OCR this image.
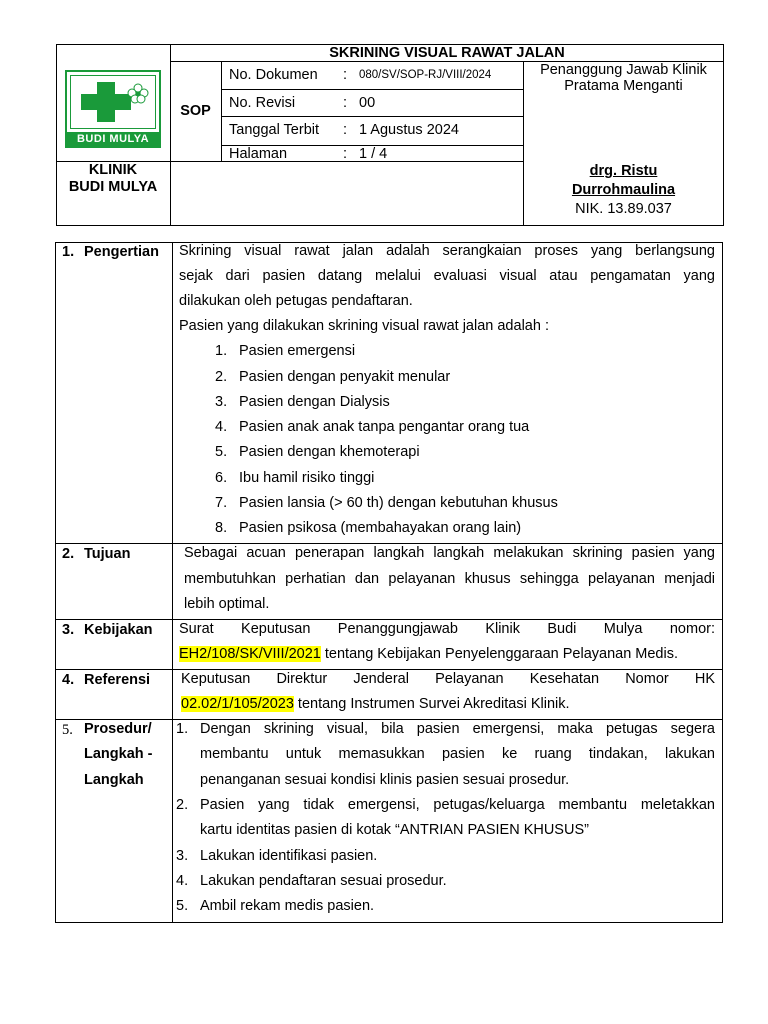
SKRINING VISUAL RAWAT JALAN
BUDI MULYA
SOP
KLINIK
BUDI MULYA
No. Dokumen : 080/SV/SOP-RJ/VIII/2024
No. Revisi	: 00
Tanggal Terbit : 1 Agustus 2024
Halaman	: 1 / 4
Penanggung Jawab Klinik
Pratama Menganti
drg. Ristu
Durrohmaulina
NIK. 13.89.037
1. Pengertian Skrining visual rawat jalan adalah serangkaian proses yang berlangsung
sejak dari pasien datang melalui evaluasi visual atau pengamatan yang
dilakukan oleh petugas pendaftaran.
Pasien yang dilakukan skrining visual rawat jalan adalah :
1. Pasien emergensi
2. Pasien dengan penyakit menular
3. Pasien dengan Dialysis
4. Pasien anak anak tanpa pengantar orang tua
5. Pasien dengan khemoterapi
6. Ibu hamil risiko tinggi
7. Pasien lansia (> 60 th) dengan kebutuhan khusus
8. Pasien psikosa (membahayakan orang lain)
2. Tujuan	Sebagai acuan penerapan langkah langkah melakukan skrining pasien yang
membutuhkan perhatian dan pelayanan khusus sehingga pelayanan menjadi
lebih optimal.
3. Kebijakan Surat Keputusan Penanggungjawab Klinik Budi Mulya nomor:
EH2/108/SK/VIII/2021 tentang Kebijakan Penyelenggaraan Pelayanan Medis.
4. Referensi Keputusan Direktur Jenderal Pelayanan Kesehatan Nomor HK
02.02/1/105/2023 tentang Instrumen Survei Akreditasi Klinik.
5. Prosedur/
Langkah -
Langkah
1. Dengan skrining visual, bila pasien emergensi, maka petugas segera
membantu untuk memasukkan pasien ke ruang tindakan, lakukan
penanganan sesuai kondisi klinis pasien sesuai prosedur.
2. Pasien yang tidak emergensi, petugas/keluarga membantu meletakkan
kartu identitas pasien di kotak “ANTRIAN PASIEN KHUSUS”
3. Lakukan identifikasi pasien.
4. Lakukan pendaftaran sesuai prosedur.
5. Ambil rekam medis pasien.
